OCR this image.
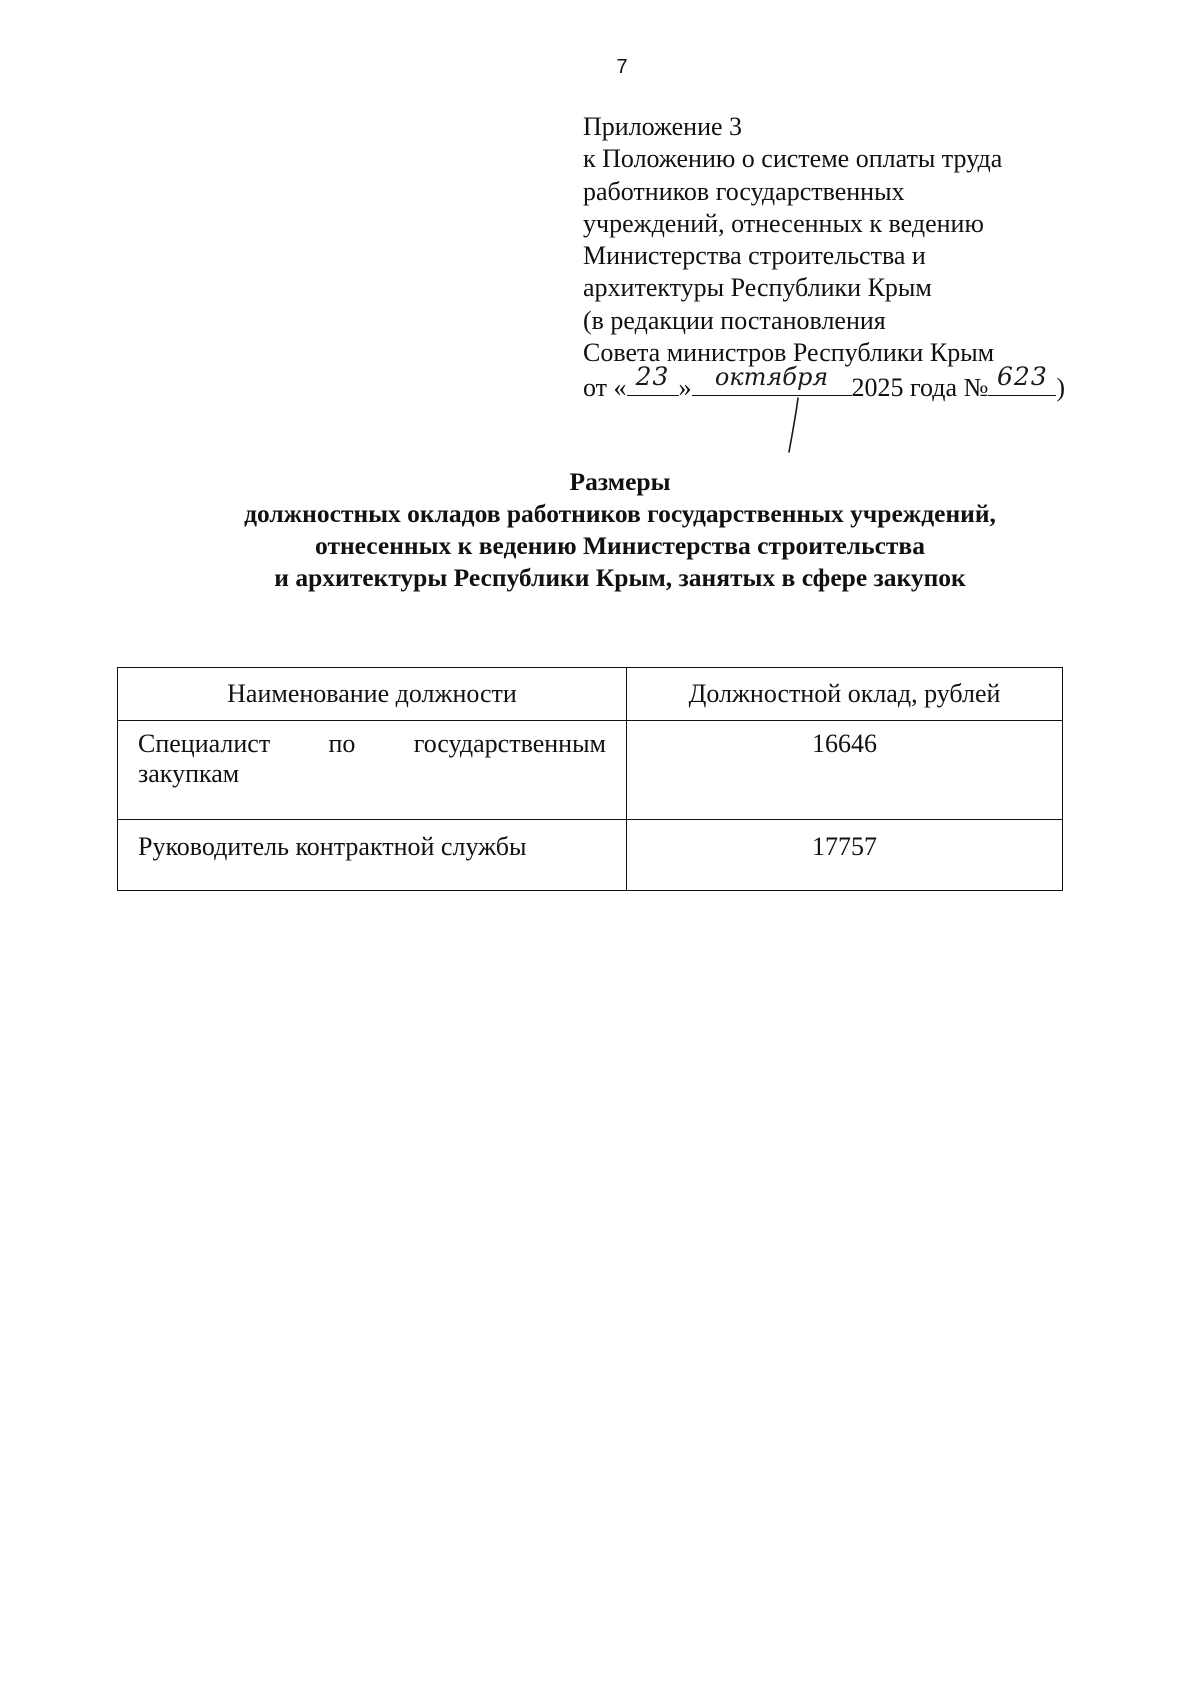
7
Приложение 3
к Положению о системе оплаты труда
работников государственных
учреждений, отнесенных к ведению
Министерства строительства и
архитектуры Республики Крым
(в редакции постановления
Совета министров Республики Крым
от « 23 » октября 2025 года № 623 )
Размеры
должностных окладов работников государственных учреждений,
отнесенных к ведению Министерства строительства
и архитектуры Республики Крым, занятых в сфере закупок
Наименование должности	Должностной оклад, рублей
Специалист по государственным закупкам	16646
Руководитель контрактной службы	17757
